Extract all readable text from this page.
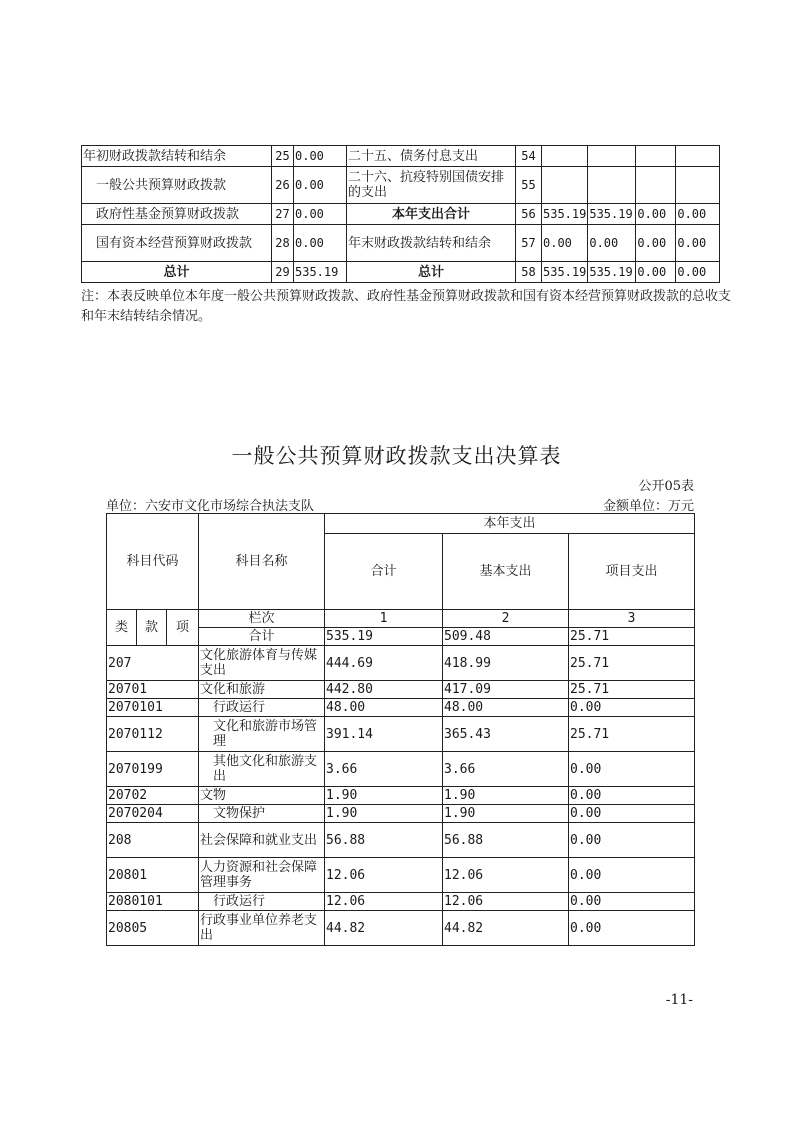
年初财政拨款结转和结余	25	0.00	二十五、债务付息支出	54				
一般公共预算财政拨款	26	0.00	二十六、抗疫特别国债安排的支出	55				
政府性基金预算财政拨款	27	0.00	本年支出合计	56	535.19	535.19	0.00	0.00
国有资本经营预算财政拨款	28	0.00	年末财政拨款结转和结余	57	0.00	0.00	0.00	0.00
总计	29	535.19	总计	58	535.19	535.19	0.00	0.00
注：本表反映单位本年度一般公共预算财政拨款、政府性基金预算财政拨款和国有资本经营预算财政拨款的总收支和年末结转结余情况。
一般公共预算财政拨款支出决算表
公开05表
单位：六安市文化市场综合执法支队	金额单位：万元
科目代码			科目名称	本年支出		
				合计	基本支出	项目支出
类	款	项	栏次	1	2	3
			合计	535.19	509.48	25.71
207			文化旅游体育与传媒支出	444.69	418.99	25.71
20701			文化和旅游	442.80	417.09	25.71
2070101			行政运行	48.00	48.00	0.00
2070112			文化和旅游市场管理	391.14	365.43	25.71
2070199			其他文化和旅游支出	3.66	3.66	0.00
20702			文物	1.90	1.90	0.00
2070204			文物保护	1.90	1.90	0.00
208			社会保障和就业支出	56.88	56.88	0.00
20801			人力资源和社会保障管理事务	12.06	12.06	0.00
2080101			行政运行	12.06	12.06	0.00
20805			行政事业单位养老支出	44.82	44.82	0.00
-11-
